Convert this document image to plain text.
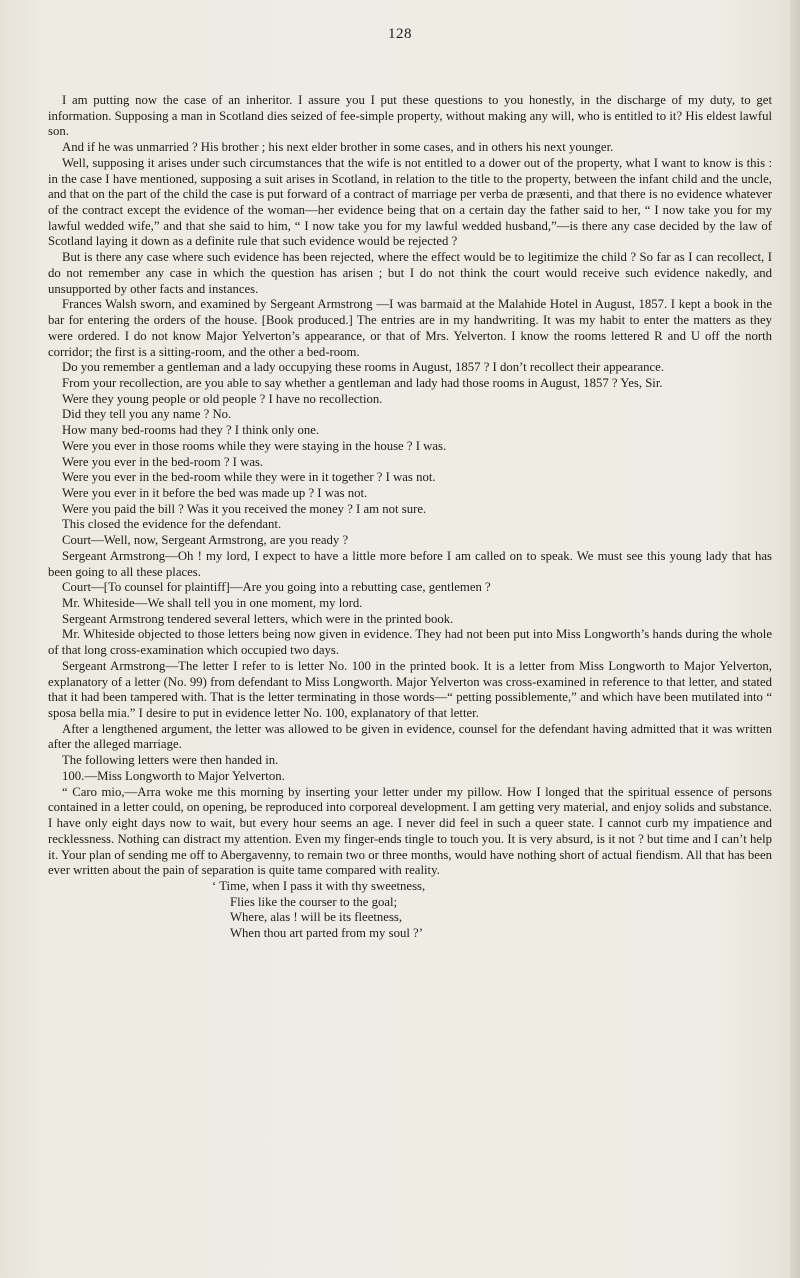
128

I am putting now the case of an inheritor. I assure you I put these questions to you honestly, in the discharge of my duty, to get information. Supposing a man in Scotland dies seized of fee-simple property, without making any will, who is entitled to it? His eldest lawful son.

And if he was unmarried ? His brother ; his next elder brother in some cases, and in others his next younger.

Well, supposing it arises under such circumstances that the wife is not entitled to a dower out of the property, what I want to know is this : in the case I have mentioned, supposing a suit arises in Scotland, in relation to the title to the property, between the infant child and the uncle, and that on the part of the child the case is put forward of a contract of marriage per verba de præsenti, and that there is no evidence whatever of the contract except the evidence of the woman—her evidence being that on a certain day the father said to her, “ I now take you for my lawful wedded wife,” and that she said to him, “ I now take you for my lawful wedded husband,”—is there any case decided by the law of Scotland laying it down as a definite rule that such evidence would be rejected ?

But is there any case where such evidence has been rejected, where the effect would be to legitimize the child ? So far as I can recollect, I do not remember any case in which the question has arisen ; but I do not think the court would receive such evidence nakedly, and unsupported by other facts and instances.

Frances Walsh sworn, and examined by Sergeant Armstrong —I was barmaid at the Malahide Hotel in August, 1857. I kept a book in the bar for entering the orders of the house. [Book produced.] The entries are in my handwriting. It was my habit to enter the matters as they were ordered. I do not know Major Yelverton’s appearance, or that of Mrs. Yelverton. I know the rooms lettered R and U off the north corridor; the first is a sitting-room, and the other a bed-room.

Do you remember a gentleman and a lady occupying these rooms in August, 1857 ? I don’t recollect their appearance.

From your recollection, are you able to say whether a gentleman and lady had those rooms in August, 1857 ? Yes, Sir.

Were they young people or old people ? I have no recollection.

Did they tell you any name ? No.

How many bed-rooms had they ? I think only one.

Were you ever in those rooms while they were staying in the house ? I was.

Were you ever in the bed-room ? I was.

Were you ever in the bed-room while they were in it together ? I was not.

Were you ever in it before the bed was made up ? I was not.

Were you paid the bill ? Was it you received the money ? I am not sure.

This closed the evidence for the defendant.

Court—Well, now, Sergeant Armstrong, are you ready ?

Sergeant Armstrong—Oh ! my lord, I expect to have a little more before I am called on to speak. We must see this young lady that has been going to all these places.

Court—[To counsel for plaintiff]—Are you going into a rebutting case, gentlemen ?

Mr. Whiteside—We shall tell you in one moment, my lord.

Sergeant Armstrong tendered several letters, which were in the printed book.

Mr. Whiteside objected to those letters being now given in evidence. They had not been put into Miss Longworth’s hands during the whole of that long cross-examination which occupied two days.

Sergeant Armstrong—The letter I refer to is letter No. 100 in the printed book. It is a letter from Miss Longworth to Major Yelverton, explanatory of a letter (No. 99) from defendant to Miss Longworth. Major Yelverton was cross-examined in reference to that letter, and stated that it had been tampered with. That is the letter terminating in those words—“ petting possiblemente,” and which have been mutilated into “ sposa bella mia.” I desire to put in evidence letter No. 100, explanatory of that letter.

After a lengthened argument, the letter was allowed to be given in evidence, counsel for the defendant having admitted that it was written after the alleged marriage.

The following letters were then handed in.

100.—Miss Longworth to Major Yelverton.

“ Caro mio,—Arra woke me this morning by inserting your letter under my pillow. How I longed that the spiritual essence of persons contained in a letter could, on opening, be reproduced into corporeal development. I am getting very material, and enjoy solids and substance. I have only eight days now to wait, but every hour seems an age. I never did feel in such a queer state. I cannot curb my impatience and recklessness. Nothing can distract my attention. Even my finger-ends tingle to touch you. It is very absurd, is it not ? but time and I can’t help it. Your plan of sending me off to Abergavenny, to remain two or three months, would have nothing short of actual fiendism. All that has been ever written about the pain of separation is quite tame compared with reality.

‘ Time, when I pass it with thy sweetness,
Flies like the courser to the goal;
Where, alas ! will be its fleetness,
When thou art parted from my soul ?’
